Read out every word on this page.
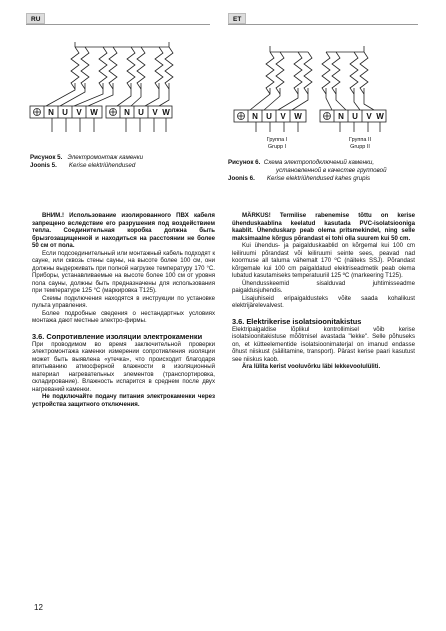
RU	ET
N U V W	N U V W
Рисунок 5. Электромонтаж каменки
Joonis 5. Kerise elektriühendused
N U V W	N U V W
Группа I
Grupp I
Группа II
Grupp II
Рисунок 6. Схема электроподключений каменки,
установленной в качестве групповой
Joonis 6. Kerise elektriühendused kahes grupis

ВНИМ.! Использование изолированного ПВХ кабеля запрещено вследствие его разрушения под воздействием тепла. Соединительная коробка должна быть брызгозащищенной и находиться на расстоянии не более 50 см от пола.

Если подсоединительный или монтажный кабель подходят к сауне, или сквозь стены сауны, на высоте более 100 см, они должны выдерживать при полной нагрузке температуру 170 °С. Приборы, устанавливаемые на высоте более 100 см от уровня пола сауны, должны быть предназначены для использования при температуре 125 °С (маркировка T125).

Схемы подключения находятся в инструкции по установке пульта управления.

Более подробные сведения о нестандартных условиях монтажа дают местные электро-фирмы.

3.6. Сопротивление изоляции электрокаменки

При проводимом во время заключительной проверки электромонтажа каменки измерении сопротивления изоляции может быть выявлена «утечка», что происходит благодаря впитыванию атмосферной влажности в изоляционный материал нагревательных элементов (транспортировка, складирование). Влажность испарится в среднем после двух нагреваний каменки.

Не подключайте подачу питания электрокаменки через устройства защитного отключения.

MÄRKUS! Termilise rabenemise tõttu on kerise ühenduskaablina keelatud kasutada PVC-isolatsiooniga kaablit. Ühenduskarp peab olema pritsmekindel, ning selle maksimaalne kõrgus põrandast ei tohi olla suurem kui 50 cm.

Kui ühendus- ja paigalduskaablid on kõrgemal kui 100 cm leiliruumi põrandast või leiliruumi seinte sees, peavad nad koormuse all taluma vähemalt 170 ºC (näiteks SSJ). Põrandast kõrgemale kui 100 cm paigaldatud elektriseadmetik peab olema lubatud kasutamiseks temperatuuriil 125 ºC (markeering T125).

Ühendusskeemid sisalduvad juhtimisseadme paigaldusjuhendis.

Lisajuhiseid eripaigaldusteks võite saada kohalikust elektrijärelevalvest.

3.6. Elektrikerise isolatsioonitakistus

Elektripaigaldise lõplikul kontrollimisel võib kerise isolatsioonitakistuse mõõtmisel avastada "lekke". Selle põhuseks on, et kütteelementide isolatsioonimaterjal on imanud endasse õhust niiskust (säilitamine, transport). Pärast kerise paari kasutust see niiskus kaob.

Ära lülita kerist vooluvõrku läbi lekkevoolulüliti.

12
